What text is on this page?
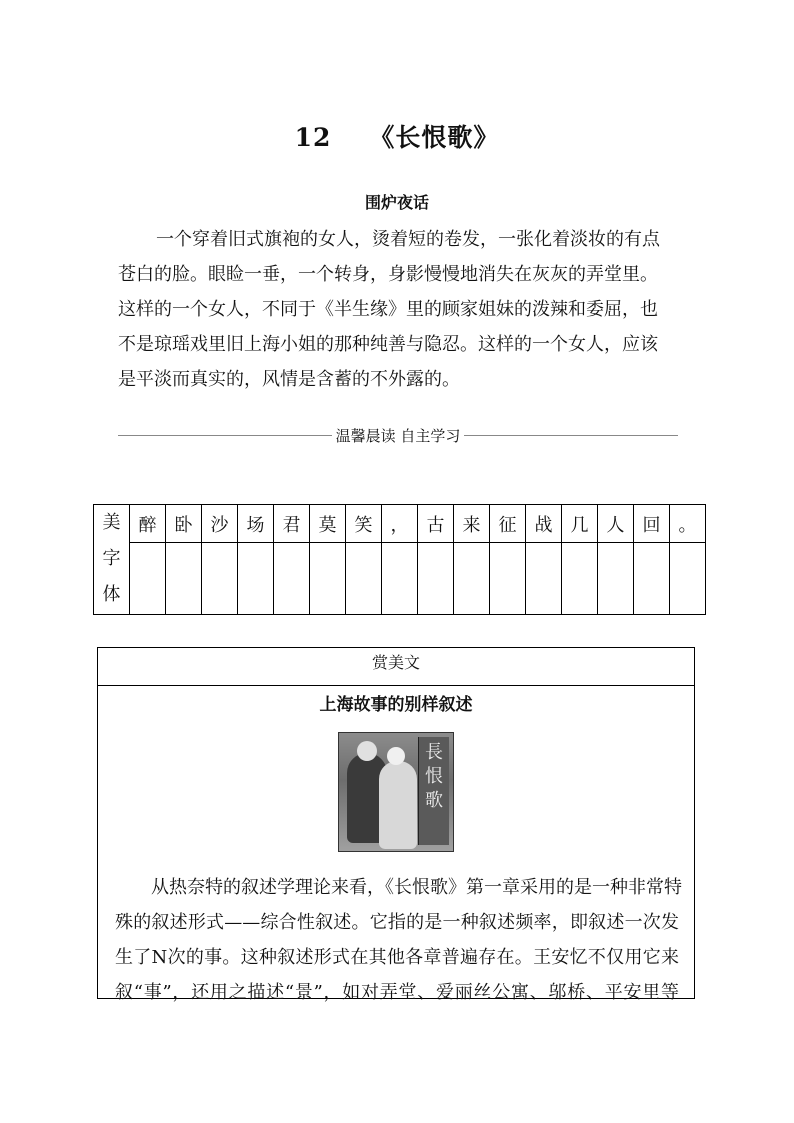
12 《长恨歌》
围炉夜话
一个穿着旧式旗袍的女人，烫着短的卷发，一张化着淡妆的有点
苍白的脸。眼睑一垂，一个转身，身影慢慢地消失在灰灰的弄堂里。
这样的一个女人，不同于《半生缘》里的顾家姐妹的泼辣和委屈，也
不是琼瑶戏里旧上海小姐的那种纯善与隐忍。这样的一个女人，应该
是平淡而真实的，风情是含蓄的不外露的。
温馨晨读 自主学习
美
字
体	醉	卧	沙	场	君	莫	笑	，	古	来	征	战	几	人	回	。

赏美文
上海故事的别样叙述
長
恨
歌
从热奈特的叙述学理论来看，《长恨歌》第一章采用的是一种非常特
殊的叙述形式——综合性叙述。它指的是一种叙述频率，即叙述一次发
生了N次的事。这种叙述形式在其他各章普遍存在。王安忆不仅用它来
叙“事”，还用之描述“景”，如对弄堂、爱丽丝公寓、邬桥、平安里等
